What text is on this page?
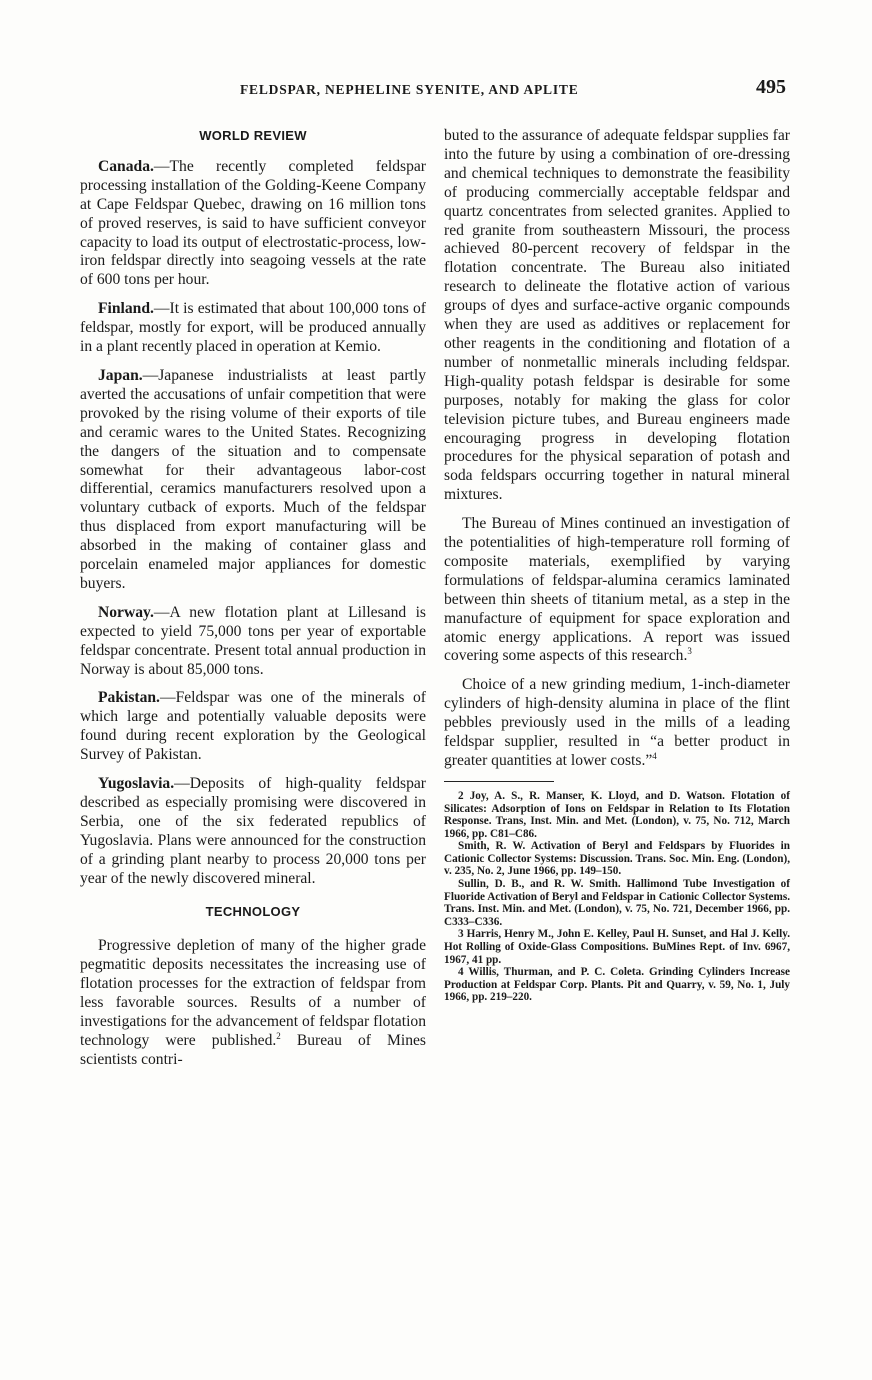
FELDSPAR, NEPHELINE SYENITE, AND APLITE	495
WORLD REVIEW

Canada.—The recently completed feldspar processing installation of the Golding-Keene Company at Cape Feldspar Quebec, drawing on 16 million tons of proved reserves, is said to have sufficient conveyor capacity to load its output of electrostatic-process, low-iron feldspar directly into seagoing vessels at the rate of 600 tons per hour.

Finland.—It is estimated that about 100,000 tons of feldspar, mostly for export, will be produced annually in a plant recently placed in operation at Kemio.

Japan.—Japanese industrialists at least partly averted the accusations of unfair competition that were provoked by the rising volume of their exports of tile and ceramic wares to the United States. Recognizing the dangers of the situation and to compensate somewhat for their advantageous labor-cost differential, ceramics manufacturers resolved upon a voluntary cutback of exports. Much of the feldspar thus displaced from export manufacturing will be absorbed in the making of container glass and porcelain enameled major appliances for domestic buyers.

Norway.—A new flotation plant at Lillesand is expected to yield 75,000 tons per year of exportable feldspar concentrate. Present total annual production in Norway is about 85,000 tons.

Pakistan.—Feldspar was one of the minerals of which large and potentially valuable deposits were found during recent exploration by the Geological Survey of Pakistan.

Yugoslavia.—Deposits of high-quality feldspar described as especially promising were discovered in Serbia, one of the six federated republics of Yugoslavia. Plans were announced for the construction of a grinding plant nearby to process 20,000 tons per year of the newly discovered mineral.

TECHNOLOGY

Progressive depletion of many of the higher grade pegmatitic deposits necessitates the increasing use of flotation processes for the extraction of feldspar from less favorable sources. Results of a number of investigations for the advancement of feldspar flotation technology were published.$^2$ Bureau of Mines scientists contri-

buted to the assurance of adequate feldspar supplies far into the future by using a combination of ore-dressing and chemical techniques to demonstrate the feasibility of producing commercially acceptable feldspar and quartz concentrates from selected granites. Applied to red granite from southeastern Missouri, the process achieved 80-percent recovery of feldspar in the flotation concentrate. The Bureau also initiated research to delineate the flotative action of various groups of dyes and surface-active organic compounds when they are used as additives or replacement for other reagents in the conditioning and flotation of a number of nonmetallic minerals including feldspar. High-quality potash feldspar is desirable for some purposes, notably for making the glass for color television picture tubes, and Bureau engineers made encouraging progress in developing flotation procedures for the physical separation of potash and soda feldspars occurring together in natural mineral mixtures.

The Bureau of Mines continued an investigation of the potentialities of high-temperature roll forming of composite materials, exemplified by varying formulations of feldspar-alumina ceramics laminated between thin sheets of titanium metal, as a step in the manufacture of equipment for space exploration and atomic energy applications. A report was issued covering some aspects of this research.$^3$

Choice of a new grinding medium, 1-inch-diameter cylinders of high-density alumina in place of the flint pebbles previously used in the mills of a leading feldspar supplier, resulted in “a better product in greater quantities at lower costs.”$^4$

2 Joy, A. S., R. Manser, K. Lloyd, and D. Watson. Flotation of Silicates: Adsorption of Ions on Feldspar in Relation to Its Flotation Response. Trans, Inst. Min. and Met. (London), v. 75, No. 712, March 1966, pp. C81–C86.

Smith, R. W. Activation of Beryl and Feldspars by Fluorides in Cationic Collector Systems: Discussion. Trans. Soc. Min. Eng. (London), v. 235, No. 2, June 1966, pp. 149–150.

Sullin, D. B., and R. W. Smith. Hallimond Tube Investigation of Fluoride Activation of Beryl and Feldspar in Cationic Collector Systems. Trans. Inst. Min. and Met. (London), v. 75, No. 721, December 1966, pp. C333–C336.

3 Harris, Henry M., John E. Kelley, Paul H. Sunset, and Hal J. Kelly. Hot Rolling of Oxide-Glass Compositions. BuMines Rept. of Inv. 6967, 1967, 41 pp.

4 Willis, Thurman, and P. C. Coleta. Grinding Cylinders Increase Production at Feldspar Corp. Plants. Pit and Quarry, v. 59, No. 1, July 1966, pp. 219–220.
